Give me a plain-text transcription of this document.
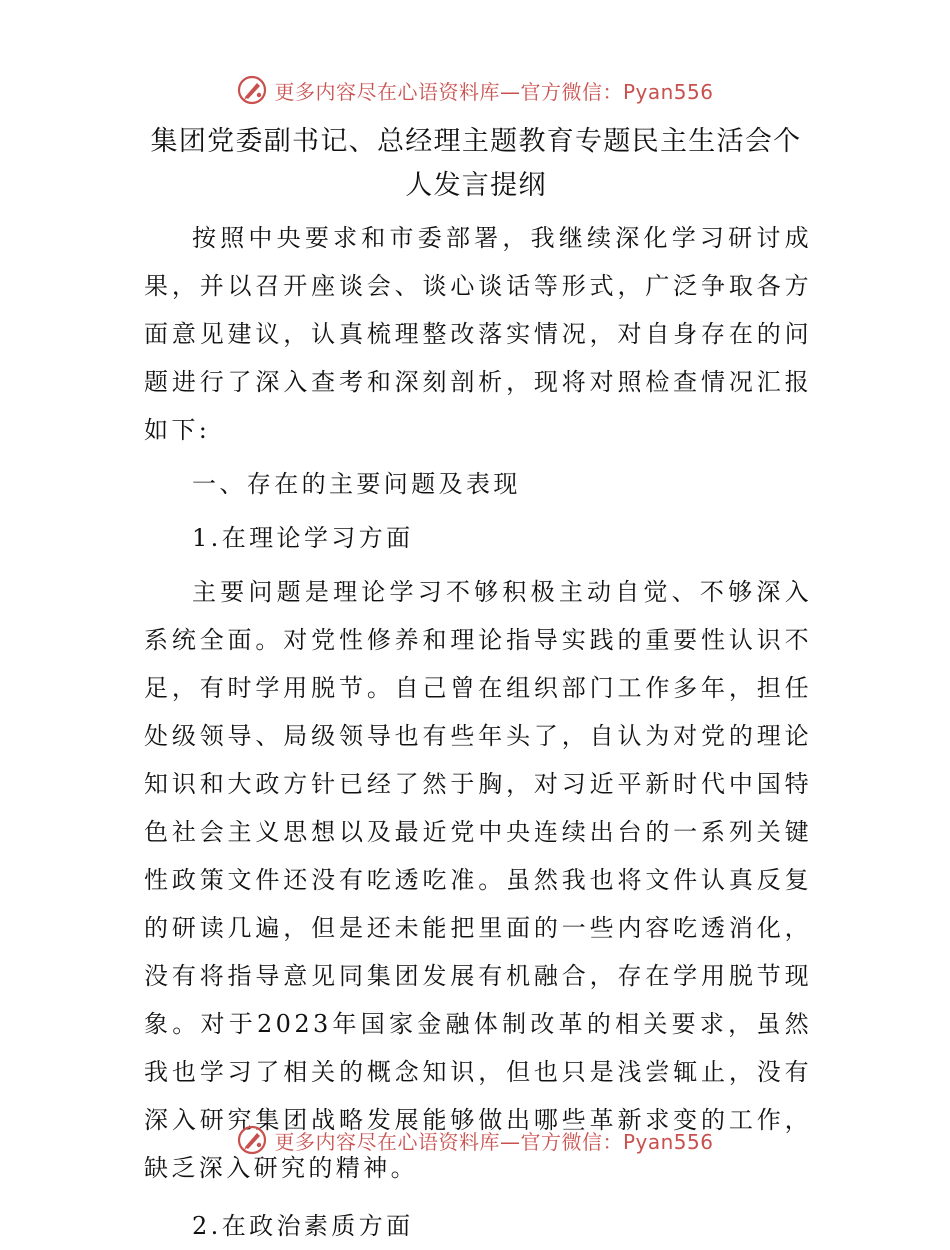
更多内容尽在心语资料库—官方微信：Pyan556
集团党委副书记、总经理主题教育专题民主生活会个人发言提纲

按照中央要求和市委部署，我继续深化学习研讨成果，并以召开座谈会、谈心谈话等形式，广泛争取各方面意见建议，认真梳理整改落实情况，对自身存在的问题进行了深入查考和深刻剖析，现将对照检查情况汇报如下:

一、存在的主要问题及表现

1.在理论学习方面

主要问题是理论学习不够积极主动自觉、不够深入系统全面。对党性修养和理论指导实践的重要性认识不足，有时学用脱节。自己曾在组织部门工作多年，担任处级领导、局级领导也有些年头了，自认为对党的理论知识和大政方针已经了然于胸，对习近平新时代中国特色社会主义思想以及最近党中央连续出台的一系列关键性政策文件还没有吃透吃准。虽然我也将文件认真反复的研读几遍，但是还未能把里面的一些内容吃透消化，没有将指导意见同集团发展有机融合，存在学用脱节现象。对于2023年国家金融体制改革的相关要求，虽然我也学习了相关的概念知识，但也只是浅尝辄止，没有深入研究集团战略发展能够做出哪些革新求变的工作，缺乏深入研究的精神。

2.在政治素质方面

更多内容尽在心语资料库—官方微信：Pyan556
